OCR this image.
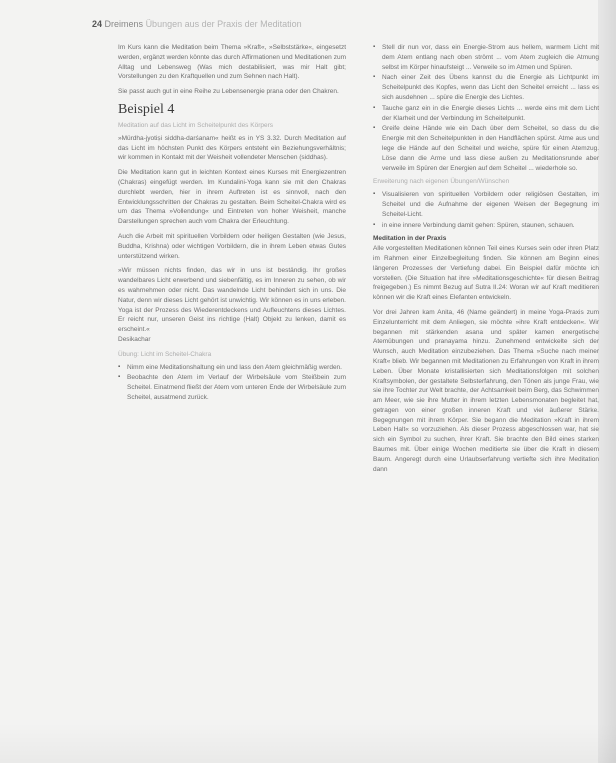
24 Dreimens Übungen aus der Praxis der Meditation

Im Kurs kann die Meditation beim Thema »Kraft«, »Selbststärke«, eingesetzt werden, ergänzt werden könnte das durch Affirmationen und Meditationen zum Alltag und Lebensweg (Was mich destabilisiert, was mir Halt gibt; Vorstellungen zu den Kraftquellen und zum Sehnen nach Halt).

Sie passt auch gut in eine Reihe zu Lebensenergie prana oder den Chakren.

Beispiel 4
Meditation auf das Licht im Scheitelpunkt des Körpers

»Mürdha-jyotiṣi siddha-darśanam« heißt es in YS 3.32. Durch Meditation auf das Licht im höchsten Punkt des Körpers entsteht ein Beziehungsverhältnis; wir kommen in Kontakt mit der Weisheit vollendeter Menschen (siddhas).

Die Meditation kann gut in leichten Kontext eines Kurses mit Energiezentren (Chakras) eingefügt werden. Im Kundalini-Yoga kann sie mit den Chakras durchlebt werden, hier in ihrem Auftreten ist es sinnvoll, nach den Entwicklungsschritten der Chakras zu gestalten. Beim Scheitel-Chakra wird es um das Thema »Vollendung« und Eintreten von hoher Weisheit, manche Darstellungen sprechen auch vom Chakra der Erleuchtung.

Auch die Arbeit mit spirituellen Vorbildern oder heiligen Gestalten (wie Jesus, Buddha, Krishna) oder wichtigen Vorbildern, die in ihrem Leben etwas Gutes unterstützend wirken.

»Wir müssen nichts finden, das wir in uns ist beständig. Ihr großes wandelbares Licht erwerbend und siebenfältig, es im Inneren zu sehen, ob wir es wahrnehmen oder nicht. Das wandelnde Licht behindert sich in uns. Die Natur, denn wir dieses Licht gehört ist unwichtig. Wir können es in uns erleben. Yoga ist der Prozess des Wiederentdeckens und Aufleuchtens dieses Lichtes. Er reicht nur, unseren Geist ins richtige (Halt) Objekt zu lenken, damit es erscheint.«

Desikachar
Übung: Licht im Scheitel-Chakra
▪ Nimm eine Meditationshaltung ein und lass den Atem gleichmäßig werden.
▪ Beobachte den Atem im Verlauf der Wirbelsäule vom Steißbein zum Scheitel. Einatmend fließt der Atem vom unteren Ende der Wirbelsäule zum Scheitel, ausatmend zurück.
▪ Stell dir nun vor, dass ein Energie-Strom aus hellem, warmem Licht mit dem Atem entlang nach oben strömt ... vom Atem zugleich die Atmung selbst im Körper hinaufsteigt ... Verweile so im Atmen und Spüren.
▪ Nach einer Zeit des Übens kannst du die Energie als Lichtpunkt im Scheitelpunkt des Kopfes, wenn das Licht den Scheitel erreicht ... lass es sich ausdehnen ... spüre die Energie des Lichtes.
▪ Tauche ganz ein in die Energie dieses Lichts ... werde eins mit dem Licht der Klarheit und der Verbindung im Scheitelpunkt.
▪ Greife deine Hände wie ein Dach über dem Scheitel, so dass du die Energie mit den Scheitelpunkten in den Handflächen spürst. Atme aus und lege die Hände auf den Scheitel und weiche, spüre für einen Atemzug. Löse dann die Arme und lass diese außen zu Meditationsrunde aber verweile im Spüren der Energien auf dem Scheitel ... wiederhole so.
Erweiterung nach eigenen Übungen/Wünschen
▪ Visualisieren von spirituellen Vorbildern oder religiösen Gestalten, im Scheitel und die Aufnahme der eigenen Weisen der Begegnung im Scheitel-Licht.
▪ in eine innere Verbindung damit gehen: Spüren, staunen, schauen.
Meditation in der Praxis

Alle vorgestellten Meditationen können Teil eines Kurses sein oder ihren Platz im Rahmen einer Einzelbegleitung finden. Sie können am Beginn eines längeren Prozesses der Vertiefung dabei. Ein Beispiel dafür möchte ich vorstellen. (Die Situation hat ihre »Meditationsgeschichte« für diesen Beitrag freigegeben.) Es nimmt Bezug auf Sutra II.24: Woran wir auf Kraft meditieren können wir die Kraft eines Elefanten entwickeln.

Vor drei Jahren kam Anita, 46 (Name geändert) in meine Yoga-Praxis zum Einzelunterricht mit dem Anliegen, sie möchte »ihre Kraft entdecken«. Wir begannen mit stärkenden asana und später kamen energetische Atemübungen und pranayama hinzu. Zunehmend entwickelte sich der Wunsch, auch Meditation einzubeziehen. Das Thema »Suche nach meiner Kraft« blieb. Wir begannen mit Meditationen zu Erfahrungen von Kraft in ihrem Leben. Über Monate kristallisierten sich Meditationsfolgen mit solchen Kraftsymbolen, der gestaltete Selbsterfahrung, den Tönen als junge Frau, wie sie ihre Tochter zur Welt brachte, der Achtsamkeit beim Berg, das Schwimmen am Meer, wie sie ihre Mutter in ihrem letzten Lebensmonaten begleitet hat, getragen von einer großen inneren Kraft und viel äußerer Stärke. Begegnungen mit ihrem Körper. Sie begann die Meditation »Kraft in ihrem Leben Halt« so vorzuziehen. Als dieser Prozess abgeschlossen war, hat sie sich ein Symbol zu suchen, ihrer Kraft. Sie brachte den Bild eines starken Baumes mit. Über einige Wochen meditierte sie über die Kraft in diesem Baum. Angeregt durch eine Urlaubserfahrung vertiefte sich ihre Meditation dann
